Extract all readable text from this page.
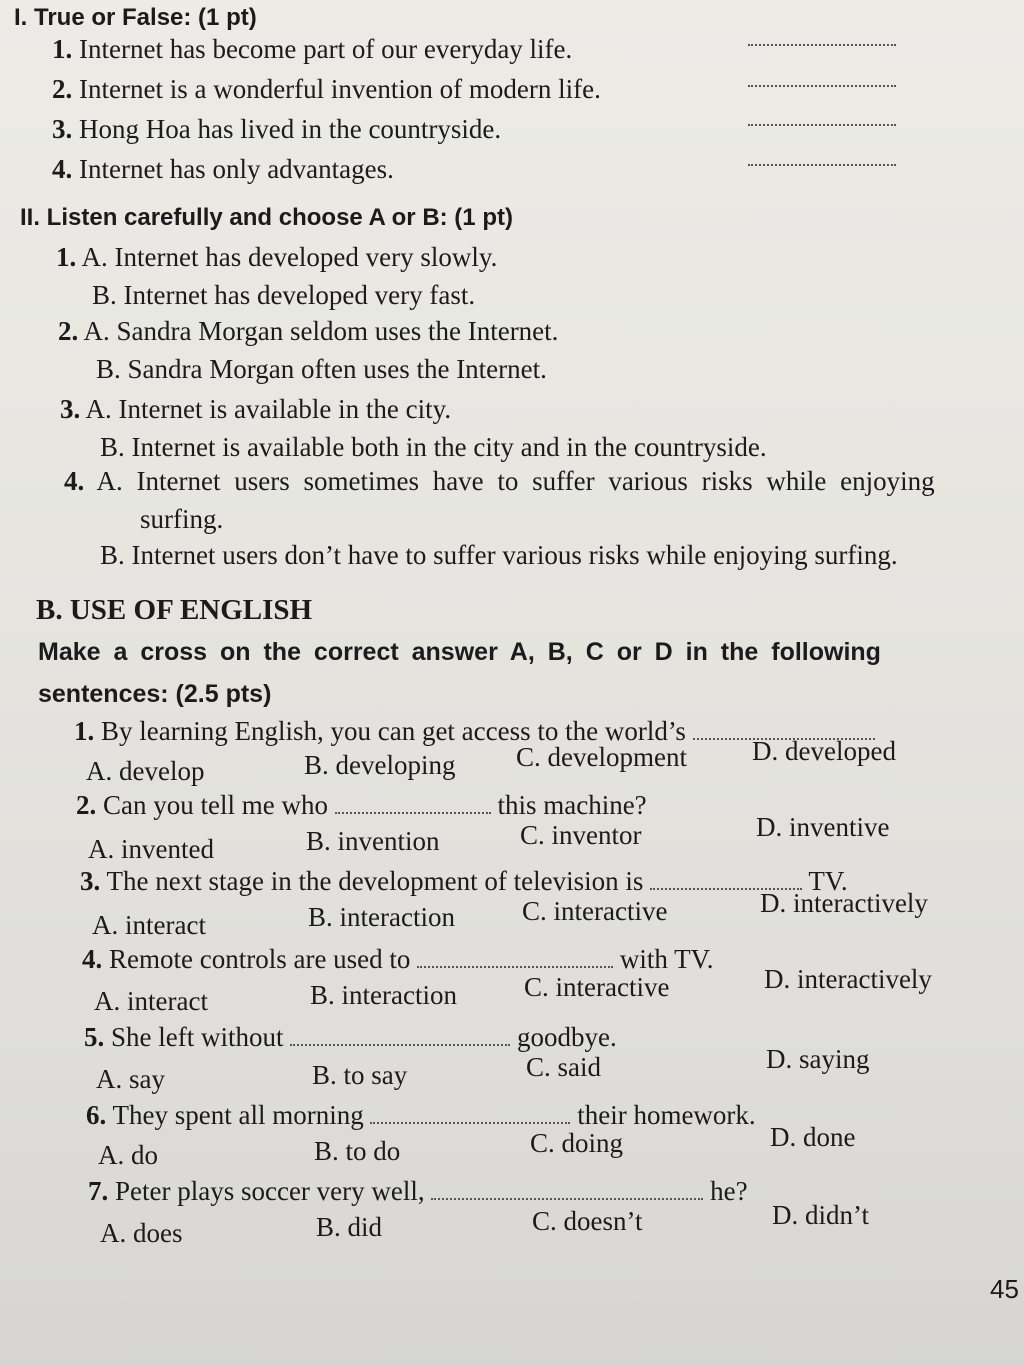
I. True or False: (1 pt)
1. Internet has become part of our everyday life.
2. Internet is a wonderful invention of modern life.
3. Hong Hoa has lived in the countryside.
4. Internet has only advantages.
II. Listen carefully and choose A or B: (1 pt)
1. A. Internet has developed very slowly.
B. Internet has developed very fast.
2. A. Sandra Morgan seldom uses the Internet.
B. Sandra Morgan often uses the Internet.
3. A. Internet is available in the city.
B. Internet is available both in the city and in the countryside.
4. A. Internet users sometimes have to suffer various risks while enjoying
surfing.
B. Internet users don’t have to suffer various risks while enjoying surfing.
B. USE OF ENGLISH
Make a cross on the correct answer A, B, C or D in the following
sentences: (2.5 pts)
1. By learning English, you can get access to the world’s
A. develop	B. developing C. development D. developed
2. Can you tell me who	this machine?
A. invented	B. invention	C. inventor	D. inventive
3. The next stage in the development of television is	TV.
A. interact	B. interaction C. interactive	D. interactively
4. Remote controls are used to	with TV.
A. interact	B. interaction C. interactive	D. interactively
5. She left without	goodbye.
A. say	B. to say	C. said	D. saying
6. They spent all morning	their homework.
A. do	B. to do	C. doing	D. done
7. Peter plays soccer very well,	he?
A. does	B. did	C. doesn’t	D. didn’t
45
